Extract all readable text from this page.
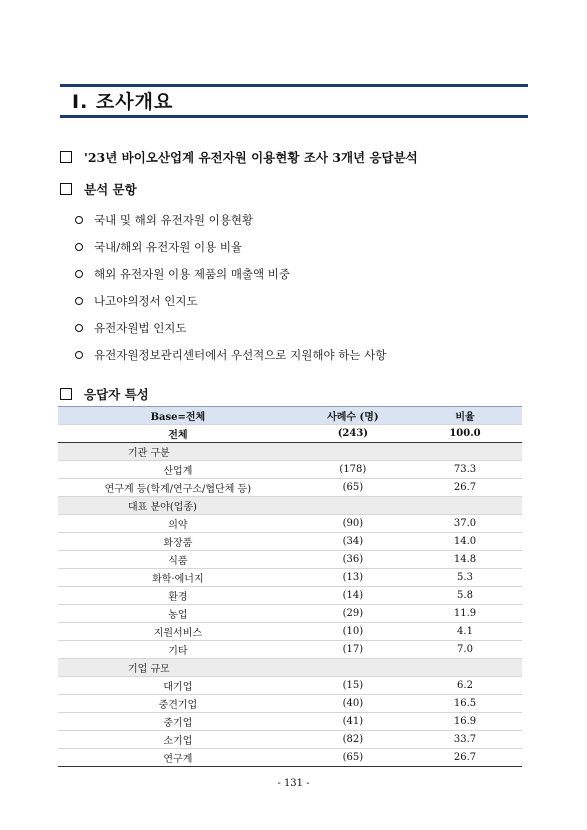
Ⅰ. 조사개요
'23년 바이오산업계 유전자원 이용현황 조사 3개년 응답분석
분석 문항
국내 및 해외 유전자원 이용현황
국내/해외 유전자원 이용 비율
해외 유전자원 이용 제품의 매출액 비중
나고야의정서 인지도
유전자원법 인지도
유전자원정보관리센터에서 우선적으로 지원해야 하는 사항
응답자 특성
Base=전체	사례수 (명)	비율
전체	(243)	100.0
기관 구분		
산업계	(178)	73.3
연구계 등(학계/연구소/협단체 등)	(65)	26.7
대표 분야(업종)		
의약	(90)	37.0
화장품	(34)	14.0
식품	(36)	14.8
화학·에너지	(13)	5.3
환경	(14)	5.8
농업	(29)	11.9
지원서비스	(10)	4.1
기타	(17)	7.0
기업 규모		
대기업	(15)	6.2
중견기업	(40)	16.5
중기업	(41)	16.9
소기업	(82)	33.7
연구계	(65)	26.7
- 131 -
